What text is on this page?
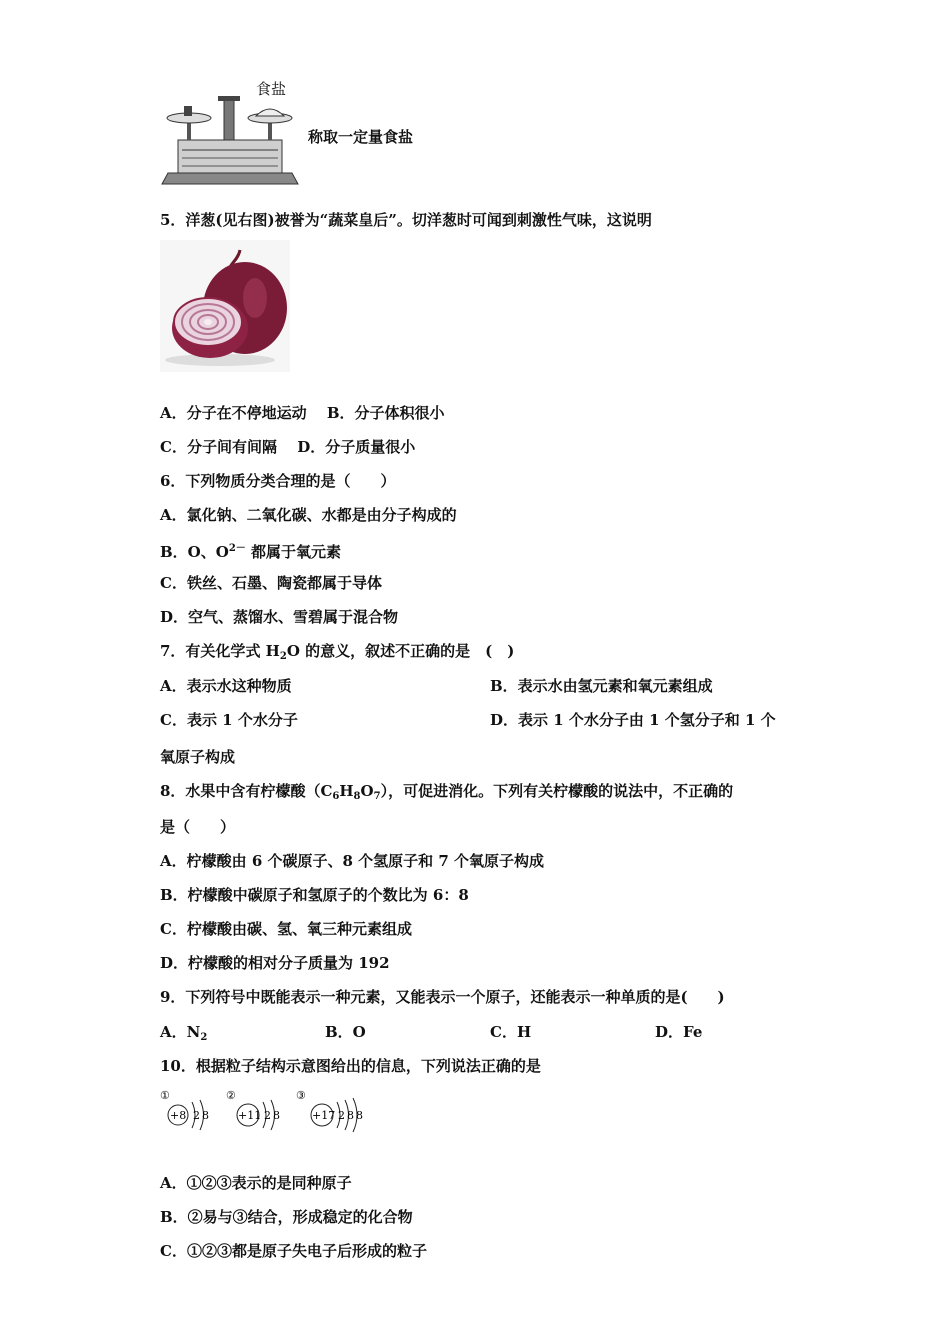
食盐
称取一定量食盐
5．洋葱(见右图)被誉为“蔬菜皇后”。切洋葱时可闻到刺激性气味，这说明
A．分子在不停地运动　 B．分子体积很小
C．分子间有间隔　 D．分子质量很小
6．下列物质分类合理的是（　　）
A．氯化钠、二氧化碳、水都是由分子构成的
B．O、$O^{2-}$ 都属于氧元素
C．铁丝、石墨、陶瓷都属于导体
D．空气、蒸馏水、雪碧属于混合物
7．有关化学式 $H_2O$ 的意义，叙述不正确的是　(　)
A．表示水这种物质	B．表示水由氢元素和氧元素组成
C．表示 1 个水分子	D．表示 1 个水分子由 1 个氢分子和 1 个
氧原子构成
8．水果中含有柠檬酸$(C_6H_8O_7)$，可促进消化。下列有关柠檬酸的说法中，不正确的
是（　　）
A．柠檬酸由 6 个碳原子、8 个氢原子和 7 个氧原子构成
B．柠檬酸中碳原子和氢原子的个数比为 6：8
C．柠檬酸由碳、氢、氧三种元素组成
D．柠檬酸的相对分子质量为 192
9．下列符号中既能表示一种元素，又能表示一个原子，还能表示一种单质的是(　　)
A．$N_2$	B．O	C．H	D．Fe
10．根据粒子结构示意图给出的信息，下列说法正确的是
①
+8 2 8
②
+11 2 8
③
+17 2 8 8
A．①②③表示的是同种原子
B．②易与③结合，形成稳定的化合物
C．①②③都是原子失电子后形成的粒子
